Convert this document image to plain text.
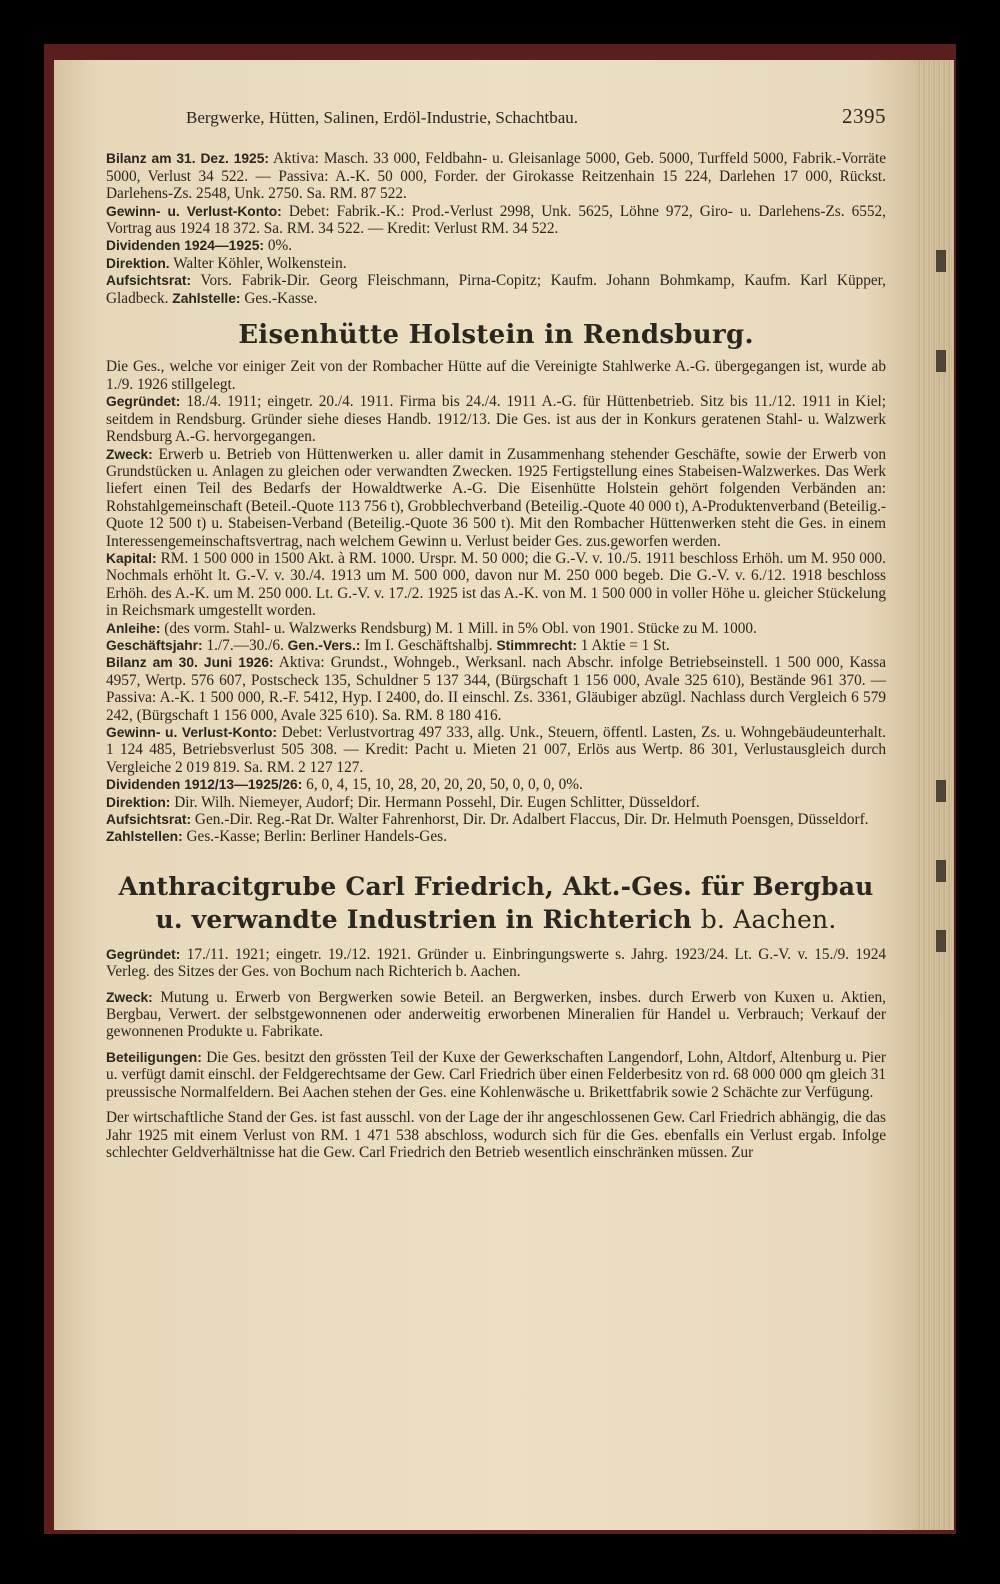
Bergwerke, Hütten, Salinen, Erdöl-Industrie, Schachtbau.	2395

Bilanz am 31. Dez. 1925: Aktiva: Masch. 33 000, Feldbahn- u. Gleisanlage 5000, Geb. 5000, Turffeld 5000, Fabrik.-Vorräte 5000, Verlust 34 522. — Passiva: A.-K. 50 000, Forder. der Girokasse Reitzenhain 15 224, Darlehen 17 000, Rückst. Darlehens-Zs. 2548, Unk. 2750. Sa. RM. 87 522.

Gewinn- u. Verlust-Konto: Debet: Fabrik.-K.: Prod.-Verlust 2998, Unk. 5625, Löhne 972, Giro- u. Darlehens-Zs. 6552, Vortrag aus 1924 18 372. Sa. RM. 34 522. — Kredit: Verlust RM. 34 522.

Dividenden 1924—1925: 0%.

Direktion. Walter Köhler, Wolkenstein.

Aufsichtsrat: Vors. Fabrik-Dir. Georg Fleischmann, Pirna-Copitz; Kaufm. Johann Bohmkamp, Kaufm. Karl Küpper, Gladbeck. Zahlstelle: Ges.-Kasse.

Eisenhütte Holstein in Rendsburg.

Die Ges., welche vor einiger Zeit von der Rombacher Hütte auf die Vereinigte Stahlwerke A.-G. übergegangen ist, wurde ab 1./9. 1926 stillgelegt.

Gegründet: 18./4. 1911; eingetr. 20./4. 1911. Firma bis 24./4. 1911 A.-G. für Hüttenbetrieb. Sitz bis 11./12. 1911 in Kiel; seitdem in Rendsburg. Gründer siehe dieses Handb. 1912/13. Die Ges. ist aus der in Konkurs geratenen Stahl- u. Walzwerk Rendsburg A.-G. hervorgegangen.

Zweck: Erwerb u. Betrieb von Hüttenwerken u. aller damit in Zusammenhang stehender Geschäfte, sowie der Erwerb von Grundstücken u. Anlagen zu gleichen oder verwandten Zwecken. 1925 Fertigstellung eines Stabeisen-Walzwerkes. Das Werk liefert einen Teil des Bedarfs der Howaldtwerke A.-G. Die Eisenhütte Holstein gehört folgenden Verbänden an: Rohstahlgemeinschaft (Beteil.-Quote 113 756 t), Grobblechverband (Beteilig.-Quote 40 000 t), A-Produktenverband (Beteilig.-Quote 12 500 t) u. Stabeisen-Verband (Beteilig.-Quote 36 500 t). Mit den Rombacher Hüttenwerken steht die Ges. in einem Interessengemeinschaftsvertrag, nach welchem Gewinn u. Verlust beider Ges. zus.geworfen werden.

Kapital: RM. 1 500 000 in 1500 Akt. à RM. 1000. Urspr. M. 50 000; die G.-V. v. 10./5. 1911 beschloss Erhöh. um M. 950 000. Nochmals erhöht lt. G.-V. v. 30./4. 1913 um M. 500 000, davon nur M. 250 000 begeb. Die G.-V. v. 6./12. 1918 beschloss Erhöh. des A.-K. um M. 250 000. Lt. G.-V. v. 17./2. 1925 ist das A.-K. von M. 1 500 000 in voller Höhe u. gleicher Stückelung in Reichsmark umgestellt worden.

Anleihe: (des vorm. Stahl- u. Walzwerks Rendsburg) M. 1 Mill. in 5% Obl. von 1901. Stücke zu M. 1000.

Geschäftsjahr: 1./7.—30./6. Gen.-Vers.: Im I. Geschäftshalbj. Stimmrecht: 1 Aktie = 1 St.

Bilanz am 30. Juni 1926: Aktiva: Grundst., Wohngeb., Werksanl. nach Abschr. infolge Betriebseinstell. 1 500 000, Kassa 4957, Wertp. 576 607, Postscheck 135, Schuldner 5 137 344, (Bürgschaft 1 156 000, Avale 325 610), Bestände 961 370. — Passiva: A.-K. 1 500 000, R.-F. 5412, Hyp. I 2400, do. II einschl. Zs. 3361, Gläubiger abzügl. Nachlass durch Vergleich 6 579 242, (Bürgschaft 1 156 000, Avale 325 610). Sa. RM. 8 180 416.

Gewinn- u. Verlust-Konto: Debet: Verlustvortrag 497 333, allg. Unk., Steuern, öffentl. Lasten, Zs. u. Wohngebäudeunterhalt. 1 124 485, Betriebsverlust 505 308. — Kredit: Pacht u. Mieten 21 007, Erlös aus Wertp. 86 301, Verlustausgleich durch Vergleiche 2 019 819. Sa. RM. 2 127 127.

Dividenden 1912/13—1925/26: 6, 0, 4, 15, 10, 28, 20, 20, 20, 50, 0, 0, 0, 0%.

Direktion: Dir. Wilh. Niemeyer, Audorf; Dir. Hermann Possehl, Dir. Eugen Schlitter, Düsseldorf.

Aufsichtsrat: Gen.-Dir. Reg.-Rat Dr. Walter Fahrenhorst, Dir. Dr. Adalbert Flaccus, Dir. Dr. Helmuth Poensgen, Düsseldorf.

Zahlstellen: Ges.-Kasse; Berlin: Berliner Handels-Ges.

Anthracitgrube Carl Friedrich, Akt.-Ges. für Bergbau
u. verwandte Industrien in Richterich b. Aachen.

Gegründet: 17./11. 1921; eingetr. 19./12. 1921. Gründer u. Einbringungswerte s. Jahrg. 1923/24. Lt. G.-V. v. 15./9. 1924 Verleg. des Sitzes der Ges. von Bochum nach Richterich b. Aachen.

Zweck: Mutung u. Erwerb von Bergwerken sowie Beteil. an Bergwerken, insbes. durch Erwerb von Kuxen u. Aktien, Bergbau, Verwert. der selbstgewonnenen oder anderweitig erworbenen Mineralien für Handel u. Verbrauch; Verkauf der gewonnenen Produkte u. Fabrikate.

Beteiligungen: Die Ges. besitzt den grössten Teil der Kuxe der Gewerkschaften Langendorf, Lohn, Altdorf, Altenburg u. Pier u. verfügt damit einschl. der Feldgerechtsame der Gew. Carl Friedrich über einen Felderbesitz von rd. 68 000 000 qm gleich 31 preussische Normalfeldern. Bei Aachen stehen der Ges. eine Kohlenwäsche u. Brikettfabrik sowie 2 Schächte zur Verfügung.

Der wirtschaftliche Stand der Ges. ist fast ausschl. von der Lage der ihr angeschlossenen Gew. Carl Friedrich abhängig, die das Jahr 1925 mit einem Verlust von RM. 1 471 538 abschloss, wodurch sich für die Ges. ebenfalls ein Verlust ergab. Infolge schlechter Geldverhältnisse hat die Gew. Carl Friedrich den Betrieb wesentlich einschränken müssen. Zur
